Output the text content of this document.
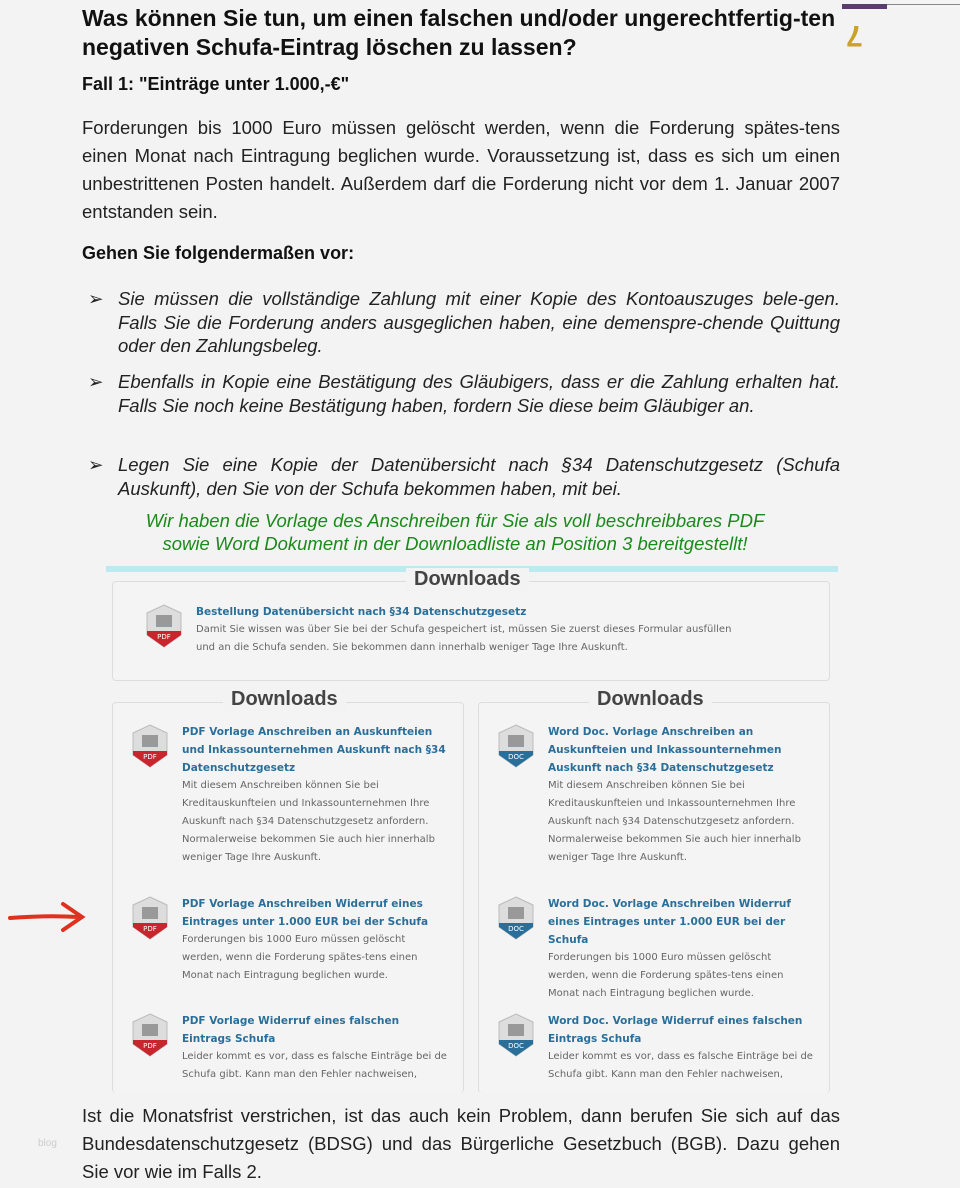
7
Was können Sie tun, um einen falschen und/oder ungerechtfertig-ten negativen Schufa-Eintrag löschen zu lassen?
Fall 1: "Einträge unter 1.000,-€"
Forderungen bis 1000 Euro müssen gelöscht werden, wenn die Forderung spätes-tens einen Monat nach Eintragung beglichen wurde. Voraussetzung ist, dass es sich um einen unbestrittenen Posten handelt. Außerdem darf die Forderung nicht vor dem 1. Januar 2007 entstanden sein.
Gehen Sie folgendermaßen vor:
➢ Sie müssen die vollständige Zahlung mit einer Kopie des Kontoauszuges bele-gen. Falls Sie die Forderung anders ausgeglichen haben, eine demenspre-chende Quittung oder den Zahlungsbeleg.
➢ Ebenfalls in Kopie eine Bestätigung des Gläubigers, dass er die Zahlung erhalten hat. Falls Sie noch keine Bestätigung haben, fordern Sie diese beim Gläubiger an.
➢ Legen Sie eine Kopie der Datenübersicht nach §34 Datenschutzgesetz (Schufa Auskunft), den Sie von der Schufa bekommen haben, mit bei.
Wir haben die Vorlage des Anschreiben für Sie als voll beschreibbares PDF
sowie Word Dokument in der Downloadliste an Position 3 bereitgestellt!
Downloads
Downloads	Downloads
PDF
Bestellung Datenübersicht nach §34 Datenschutzgesetz
Damit Sie wissen was über Sie bei der Schufa gespeichert ist, müssen Sie zuerst dieses Formular ausfüllen und an die Schufa senden. Sie bekommen dann innerhalb weniger Tage Ihre Auskunft.
PDF
PDF Vorlage Anschreiben an Auskunfteien und Inkassounternehmen Auskunft nach §34 Datenschutzgesetz
Mit diesem Anschreiben können Sie bei Kreditauskunfteien und Inkassounternehmen Ihre Auskunft nach §34 Datenschutzgesetz anfordern. Normalerweise bekommen Sie auch hier innerhalb weniger Tage Ihre Auskunft.
PDF
PDF Vorlage Anschreiben Widerruf eines Eintrages unter 1.000 EUR bei der Schufa
Forderungen bis 1000 Euro müssen gelöscht werden, wenn die Forderung spätes-tens einen Monat nach Eintragung beglichen wurde.
PDF
PDF Vorlage Widerruf eines falschen Eintrags Schufa
Leider kommt es vor, dass es falsche Einträge bei de Schufa gibt. Kann man den Fehler nachweisen,
DOC
Word Doc. Vorlage Anschreiben an Auskunfteien und Inkassounternehmen Auskunft nach §34 Datenschutzgesetz
Mit diesem Anschreiben können Sie bei Kreditauskunfteien und Inkassounternehmen Ihre Auskunft nach §34 Datenschutzgesetz anfordern. Normalerweise bekommen Sie auch hier innerhalb weniger Tage Ihre Auskunft.
DOC
Word Doc. Vorlage Anschreiben Widerruf eines Eintrages unter 1.000 EUR bei der Schufa
Forderungen bis 1000 Euro müssen gelöscht werden, wenn die Forderung spätes-tens einen Monat nach Eintragung beglichen wurde.
DOC
Word Doc. Vorlage Widerruf eines falschen Eintrags Schufa
Leider kommt es vor, dass es falsche Einträge bei de Schufa gibt. Kann man den Fehler nachweisen,
Ist die Monatsfrist verstrichen, ist das auch kein Problem, dann berufen Sie sich auf das Bundesdatenschutzgesetz (BDSG) und das Bürgerliche Gesetzbuch (BGB). Dazu gehen Sie vor wie im Falls 2.
blog
